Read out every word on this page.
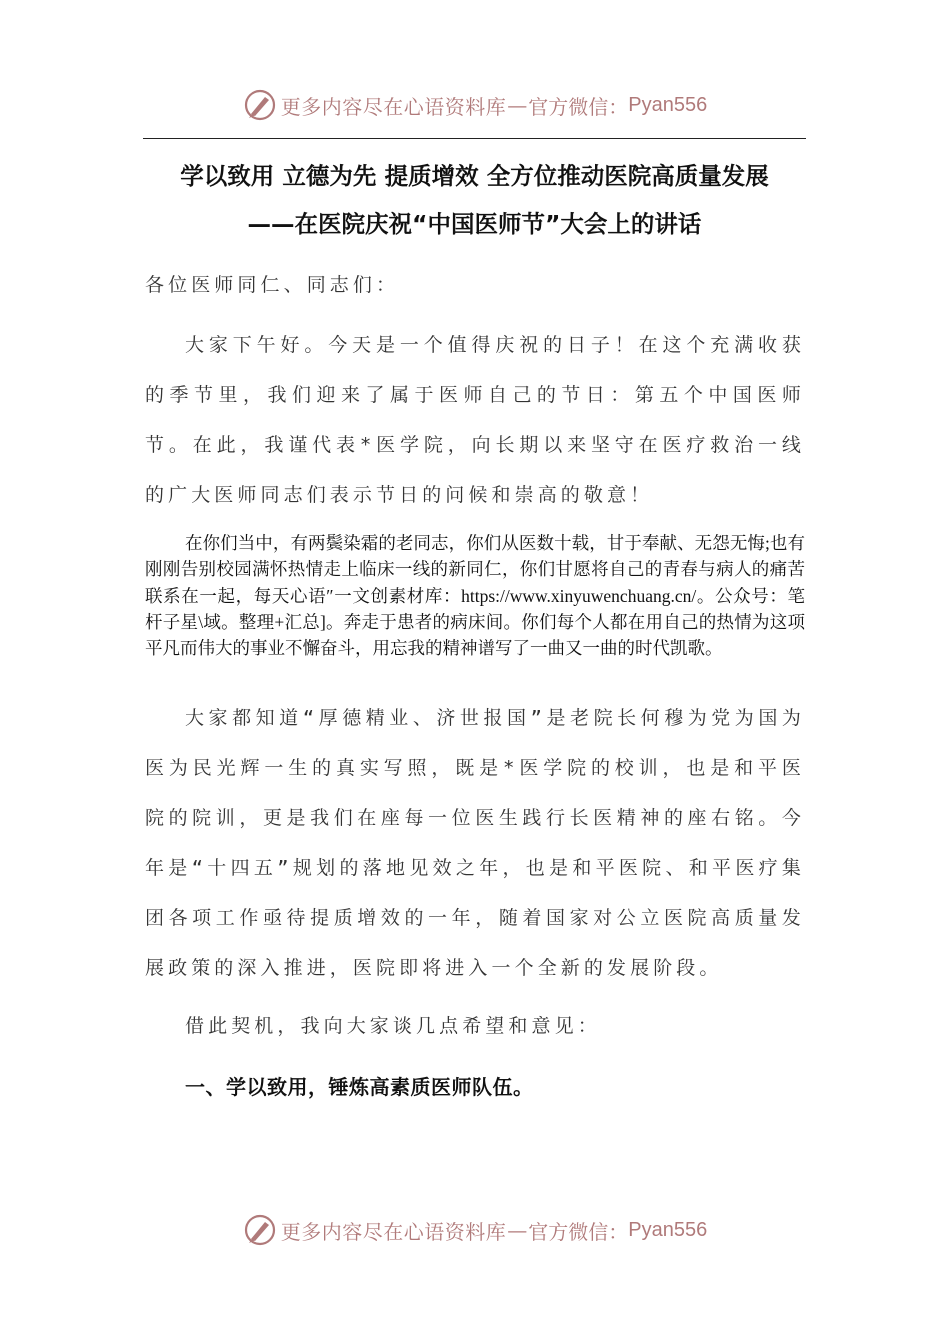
更多内容尽在心语资料库 — 官方微信： Pyan556
学以致用 立德为先 提质增效 全方位推动医院高质量发展
——在医院庆祝“中国医师节”大会上的讲话

各位医师同仁、同志们：

大家下午好。今天是一个值得庆祝的日子！在这个充满收获的季节里，我们迎来了属于医师自己的节日：第五个中国医师节。在此，我谨代表*医学院，向长期以来坚守在医疗救治一线的广大医师同志们表示节日的问候和崇高的敬意！

在你们当中，有两鬓染霜的老同志，你们从医数十载，甘于奉献、无怨无悔;也有刚刚告别校园满怀热情走上临床一线的新同仁，你们甘愿将自己的青春与病人的痛苦联系在一起，每天心语″一文创素材库：https://www.xinyuwenchuang.cn/。公众号：笔杆子星\域。整理+汇总]。奔走于患者的病床间。你们每个人都在用自己的热情为这项平凡而伟大的事业不懈奋斗，用忘我的精神谱写了一曲又一曲的时代凯歌。

大家都知道“厚德精业、济世报国”是老院长何穆为党为国为医为民光辉一生的真实写照，既是*医学院的校训，也是和平医院的院训，更是我们在座每一位医生践行长医精神的座右铭。今年是“十四五”规划的落地见效之年，也是和平医院、和平医疗集团各项工作亟待提质增效的一年，随着国家对公立医院高质量发展政策的深入推进，医院即将进入一个全新的发展阶段。

借此契机，我向大家谈几点希望和意见：

一、学以致用，锤炼高素质医师队伍。
更多内容尽在心语资料库 — 官方微信： Pyan556
